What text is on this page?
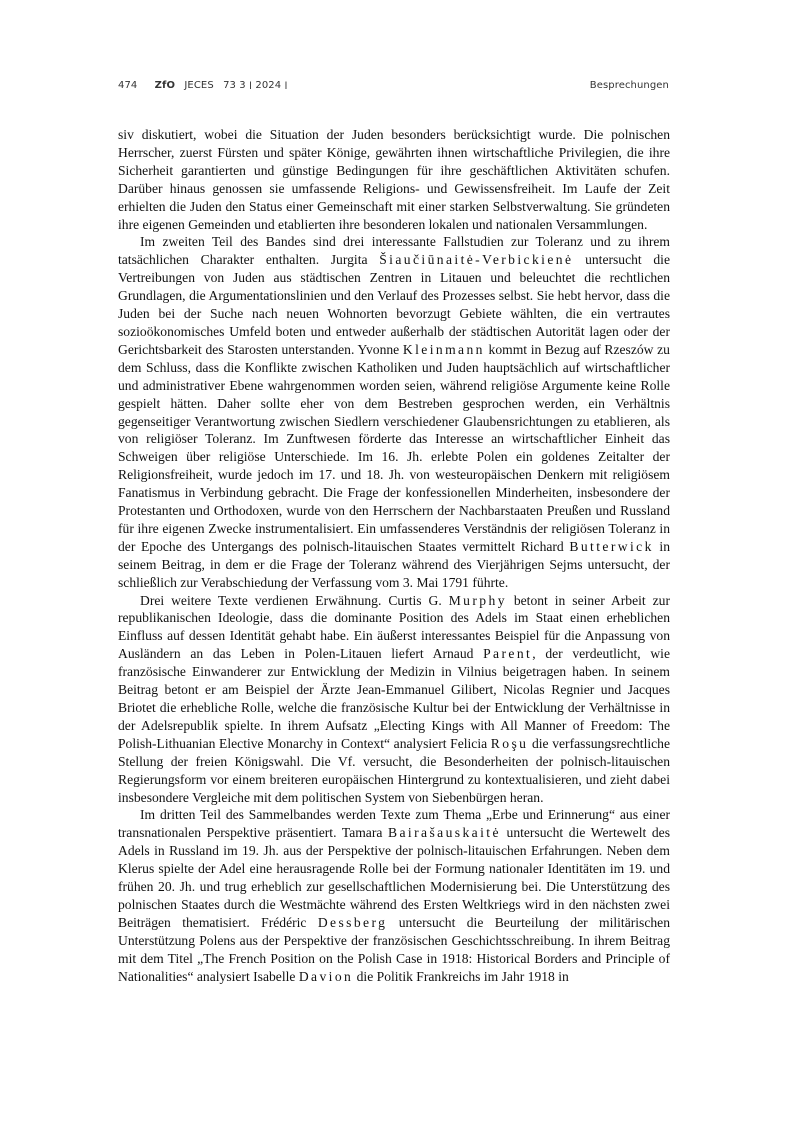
474 ZfO JECES 73 ׀ 2024 ׀ 3	Besprechungen

siv diskutiert, wobei die Situation der Juden besonders berücksichtigt wurde. Die polnischen Herrscher, zuerst Fürsten und später Könige, gewährten ihnen wirtschaftliche Privilegien, die ihre Sicherheit garantierten und günstige Bedingungen für ihre geschäftlichen Aktivitäten schufen. Darüber hinaus genossen sie umfassende Religions- und Gewissensfreiheit. Im Laufe der Zeit erhielten die Juden den Status einer Gemeinschaft mit einer starken Selbstverwaltung. Sie gründeten ihre eigenen Gemeinden und etablierten ihre besonderen lokalen und nationalen Versammlungen.

Im zweiten Teil des Bandes sind drei interessante Fallstudien zur Toleranz und zu ihrem tatsächlichen Charakter enthalten. Jurgita Šiaučiūnaitė-Verbickienė untersucht die Vertreibungen von Juden aus städtischen Zentren in Litauen und beleuchtet die rechtlichen Grundlagen, die Argumentationslinien und den Verlauf des Prozesses selbst. Sie hebt hervor, dass die Juden bei der Suche nach neuen Wohnorten bevorzugt Gebiete wählten, die ein vertrautes sozioökonomisches Umfeld boten und entweder außerhalb der städtischen Autorität lagen oder der Gerichtsbarkeit des Starosten unterstanden. Yvonne Kleinmann kommt in Bezug auf Rzeszów zu dem Schluss, dass die Konflikte zwischen Katholiken und Juden hauptsächlich auf wirtschaftlicher und administrativer Ebene wahrgenommen worden seien, während religiöse Argumente keine Rolle gespielt hätten. Daher sollte eher von dem Bestreben gesprochen werden, ein Verhältnis gegenseitiger Verantwortung zwischen Siedlern verschiedener Glaubensrichtungen zu etablieren, als von religiöser Toleranz. Im Zunftwesen förderte das Interesse an wirtschaftlicher Einheit das Schweigen über religiöse Unterschiede. Im 16. Jh. erlebte Polen ein goldenes Zeitalter der Religionsfreiheit, wurde jedoch im 17. und 18. Jh. von westeuropäischen Denkern mit religiösem Fanatismus in Verbindung gebracht. Die Frage der konfessionellen Minderheiten, insbesondere der Protestanten und Orthodoxen, wurde von den Herrschern der Nachbarstaaten Preußen und Russland für ihre eigenen Zwecke instrumentalisiert. Ein umfassenderes Verständnis der religiösen Toleranz in der Epoche des Untergangs des polnisch-litauischen Staates vermittelt Richard Butterwick in seinem Beitrag, in dem er die Frage der Toleranz während des Vierjährigen Sejms untersucht, der schließlich zur Verabschiedung der Verfassung vom 3. Mai 1791 führte.

Drei weitere Texte verdienen Erwähnung. Curtis G. Murphy betont in seiner Arbeit zur republikanischen Ideologie, dass die dominante Position des Adels im Staat einen erheblichen Einfluss auf dessen Identität gehabt habe. Ein äußerst interessantes Beispiel für die Anpassung von Ausländern an das Leben in Polen-Litauen liefert Arnaud Parent, der verdeutlicht, wie französische Einwanderer zur Entwicklung der Medizin in Vilnius beigetragen haben. In seinem Beitrag betont er am Beispiel der Ärzte Jean-Emmanuel Gilibert, Nicolas Regnier und Jacques Briotet die erhebliche Rolle, welche die französische Kultur bei der Entwicklung der Verhältnisse in der Adelsrepublik spielte. In ihrem Aufsatz „Electing Kings with All Manner of Freedom: The Polish-Lithuanian Elective Monarchy in Context“ analysiert Felicia Roşu die verfassungsrechtliche Stellung der freien Königswahl. Die Vf. versucht, die Besonderheiten der polnisch-litauischen Regierungsform vor einem breiteren europäischen Hintergrund zu kontextualisieren, und zieht dabei insbesondere Vergleiche mit dem politischen System von Siebenbürgen heran.

Im dritten Teil des Sammelbandes werden Texte zum Thema „Erbe und Erinnerung“ aus einer transnationalen Perspektive präsentiert. Tamara Bairašauskaitė untersucht die Wertewelt des Adels in Russland im 19. Jh. aus der Perspektive der polnisch-litauischen Erfahrungen. Neben dem Klerus spielte der Adel eine herausragende Rolle bei der Formung nationaler Identitäten im 19. und frühen 20. Jh. und trug erheblich zur gesellschaftlichen Modernisierung bei. Die Unterstützung des polnischen Staates durch die Westmächte während des Ersten Weltkriegs wird in den nächsten zwei Beiträgen thematisiert. Frédéric Dessberg untersucht die Beurteilung der militärischen Unterstützung Polens aus der Perspektive der französischen Geschichtsschreibung. In ihrem Beitrag mit dem Titel „The French Position on the Polish Case in 1918: Historical Borders and Principle of Nationalities“ analysiert Isabelle Davion die Politik Frankreichs im Jahr 1918 in
